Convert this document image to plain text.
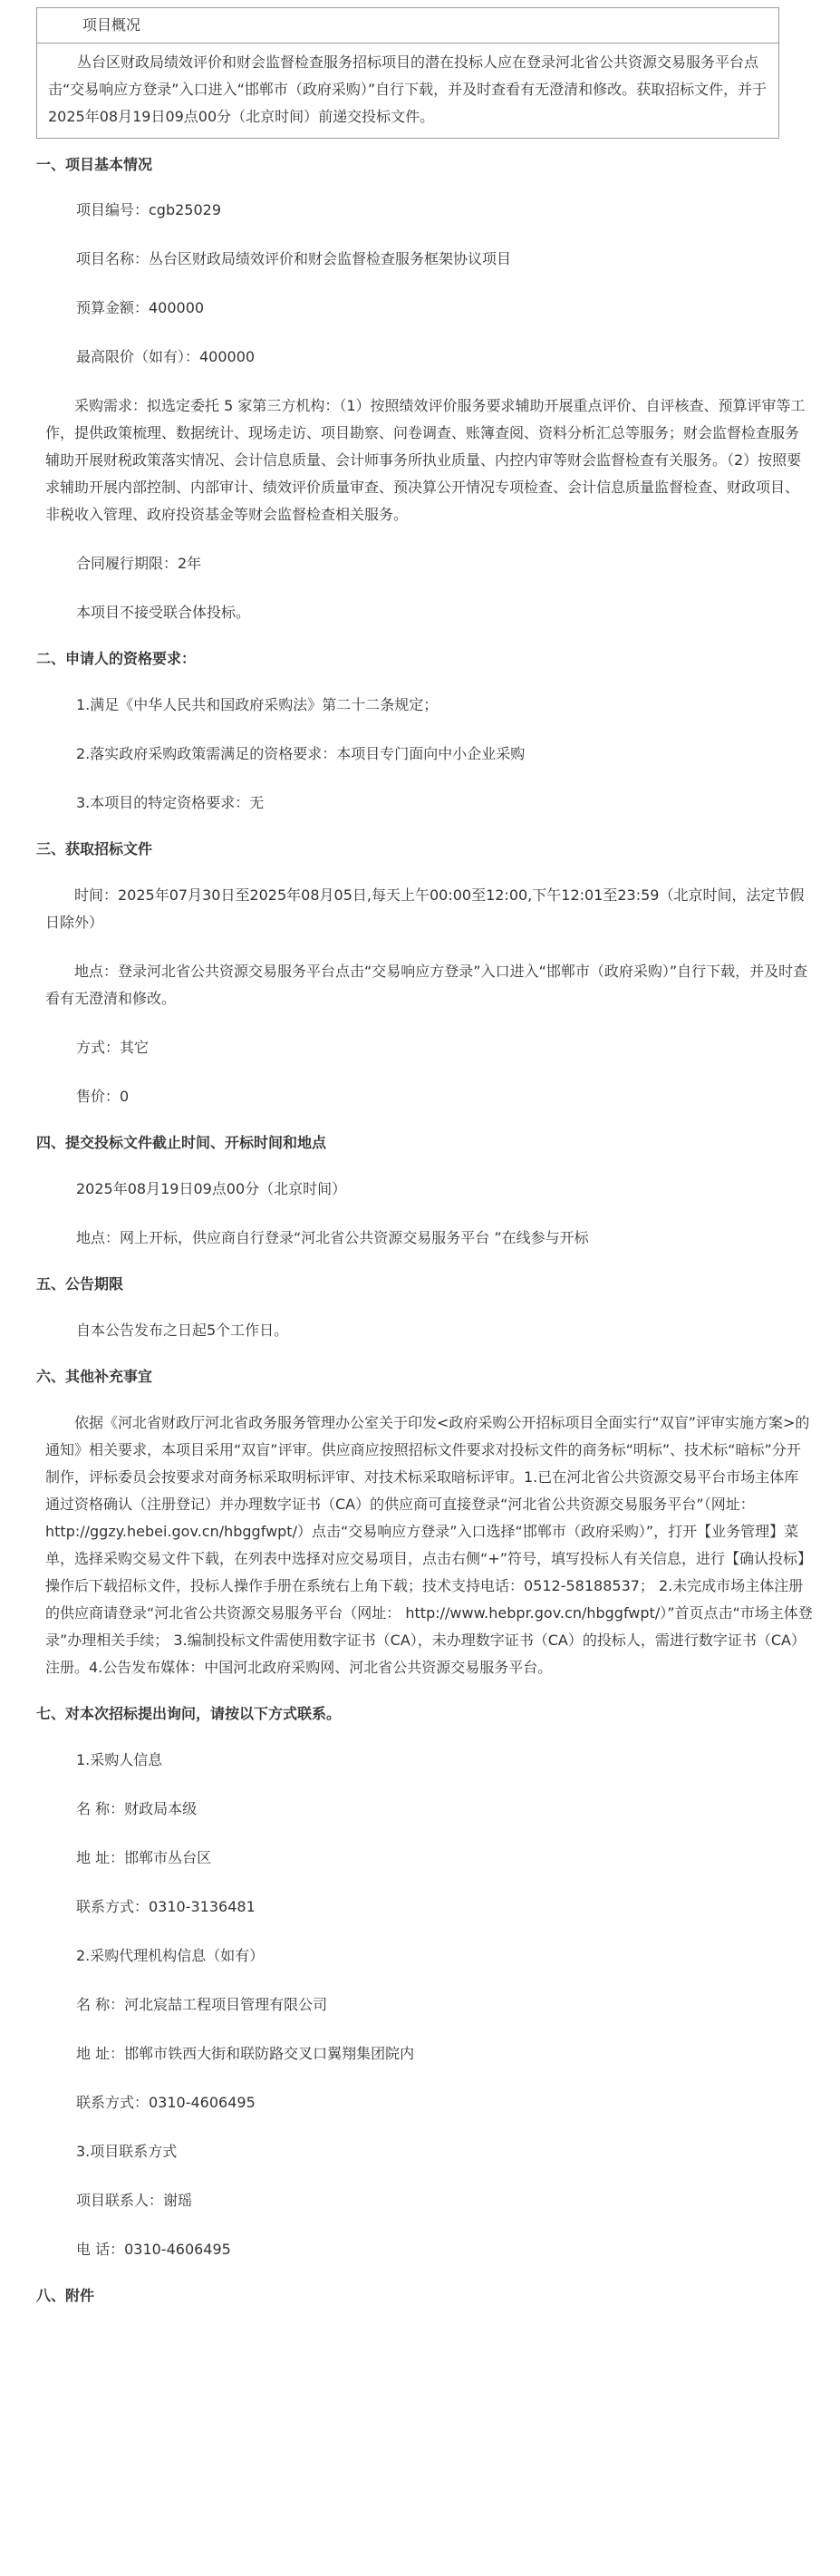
项目概况
丛台区财政局绩效评价和财会监督检查服务招标项目的潜在投标人应在登录河北省公共资源交易服务平台点击“交易响应方登录”入口进入“邯郸市（政府采购）”自行下载，并及时查看有无澄清和修改。获取招标文件，并于2025年08月19日09点00分（北京时间）前递交投标文件。
一、项目基本情况

项目编号：cgb25029

项目名称：丛台区财政局绩效评价和财会监督检查服务框架协议项目

预算金额：400000

最高限价（如有）：400000

采购需求：拟选定委托 5 家第三方机构：（1）按照绩效评价服务要求辅助开展重点评价、自评核查、预算评审等工作，提供政策梳理、数据统计、现场走访、项目勘察、问卷调查、账簿查阅、资料分析汇总等服务；财会监督检查服务辅助开展财税政策落实情况、会计信息质量、会计师事务所执业质量、内控内审等财会监督检查有关服务。（2）按照要求辅助开展内部控制、内部审计、绩效评价质量审查、预决算公开情况专项检查、会计信息质量监督检查、财政项目、非税收入管理、政府投资基金等财会监督检查相关服务。

合同履行期限：2年

本项目不接受联合体投标。

二、申请人的资格要求：

1.满足《中华人民共和国政府采购法》第二十二条规定；

2.落实政府采购政策需满足的资格要求：本项目专门面向中小企业采购

3.本项目的特定资格要求：无

三、获取招标文件

时间：2025年07月30日至2025年08月05日,每天上午00:00至12:00,下午12:01至23:59（北京时间，法定节假日除外）

地点：登录河北省公共资源交易服务平台点击“交易响应方登录”入口进入“邯郸市（政府采购）”自行下载，并及时查看有无澄清和修改。

方式：其它

售价：0

四、提交投标文件截止时间、开标时间和地点

2025年08月19日09点00分（北京时间）

地点：网上开标，供应商自行登录“河北省公共资源交易服务平台 ”在线参与开标

五、公告期限

自本公告发布之日起5个工作日。

六、其他补充事宜

依据《河北省财政厅河北省政务服务管理办公室关于印发<政府采购公开招标项目全面实行“双盲”评审实施方案>的通知》相关要求，本项目采用“双盲”评审。供应商应按照招标文件要求对投标文件的商务标“明标”、技术标“暗标”分开制作，评标委员会按要求对商务标采取明标评审、对技术标采取暗标评审。1.已在河北省公共资源交易平台市场主体库通过资格确认（注册登记）并办理数字证书（CA）的供应商可直接登录“河北省公共资源交易服务平台”（网址：http://ggzy.hebei.gov.cn/hbggfwpt/）点击“交易响应方登录”入口选择“邯郸市（政府采购）”，打开【业务管理】菜单，选择采购交易文件下载，在列表中选择对应交易项目，点击右侧“+”符号，填写投标人有关信息，进行【确认投标】操作后下载招标文件，投标人操作手册在系统右上角下载；技术支持电话：0512-58188537； 2.未完成市场主体注册的供应商请登录“河北省公共资源交易服务平台（网址： http://www.hebpr.gov.cn/hbggfwpt/）”首页点击“市场主体登录”办理相关手续； 3.编制投标文件需使用数字证书（CA），未办理数字证书（CA）的投标人，需进行数字证书（CA）注册。4.公告发布媒体：中国河北政府采购网、河北省公共资源交易服务平台。

七、对本次招标提出询问，请按以下方式联系。

1.采购人信息

名 称：财政局本级

地 址：邯郸市丛台区

联系方式：0310-3136481

2.采购代理机构信息（如有）

名 称：河北宸喆工程项目管理有限公司

地 址：邯郸市铁西大街和联防路交叉口翼翔集团院内

联系方式：0310-4606495

3.项目联系方式

项目联系人：谢瑶

电 话：0310-4606495

八、附件
